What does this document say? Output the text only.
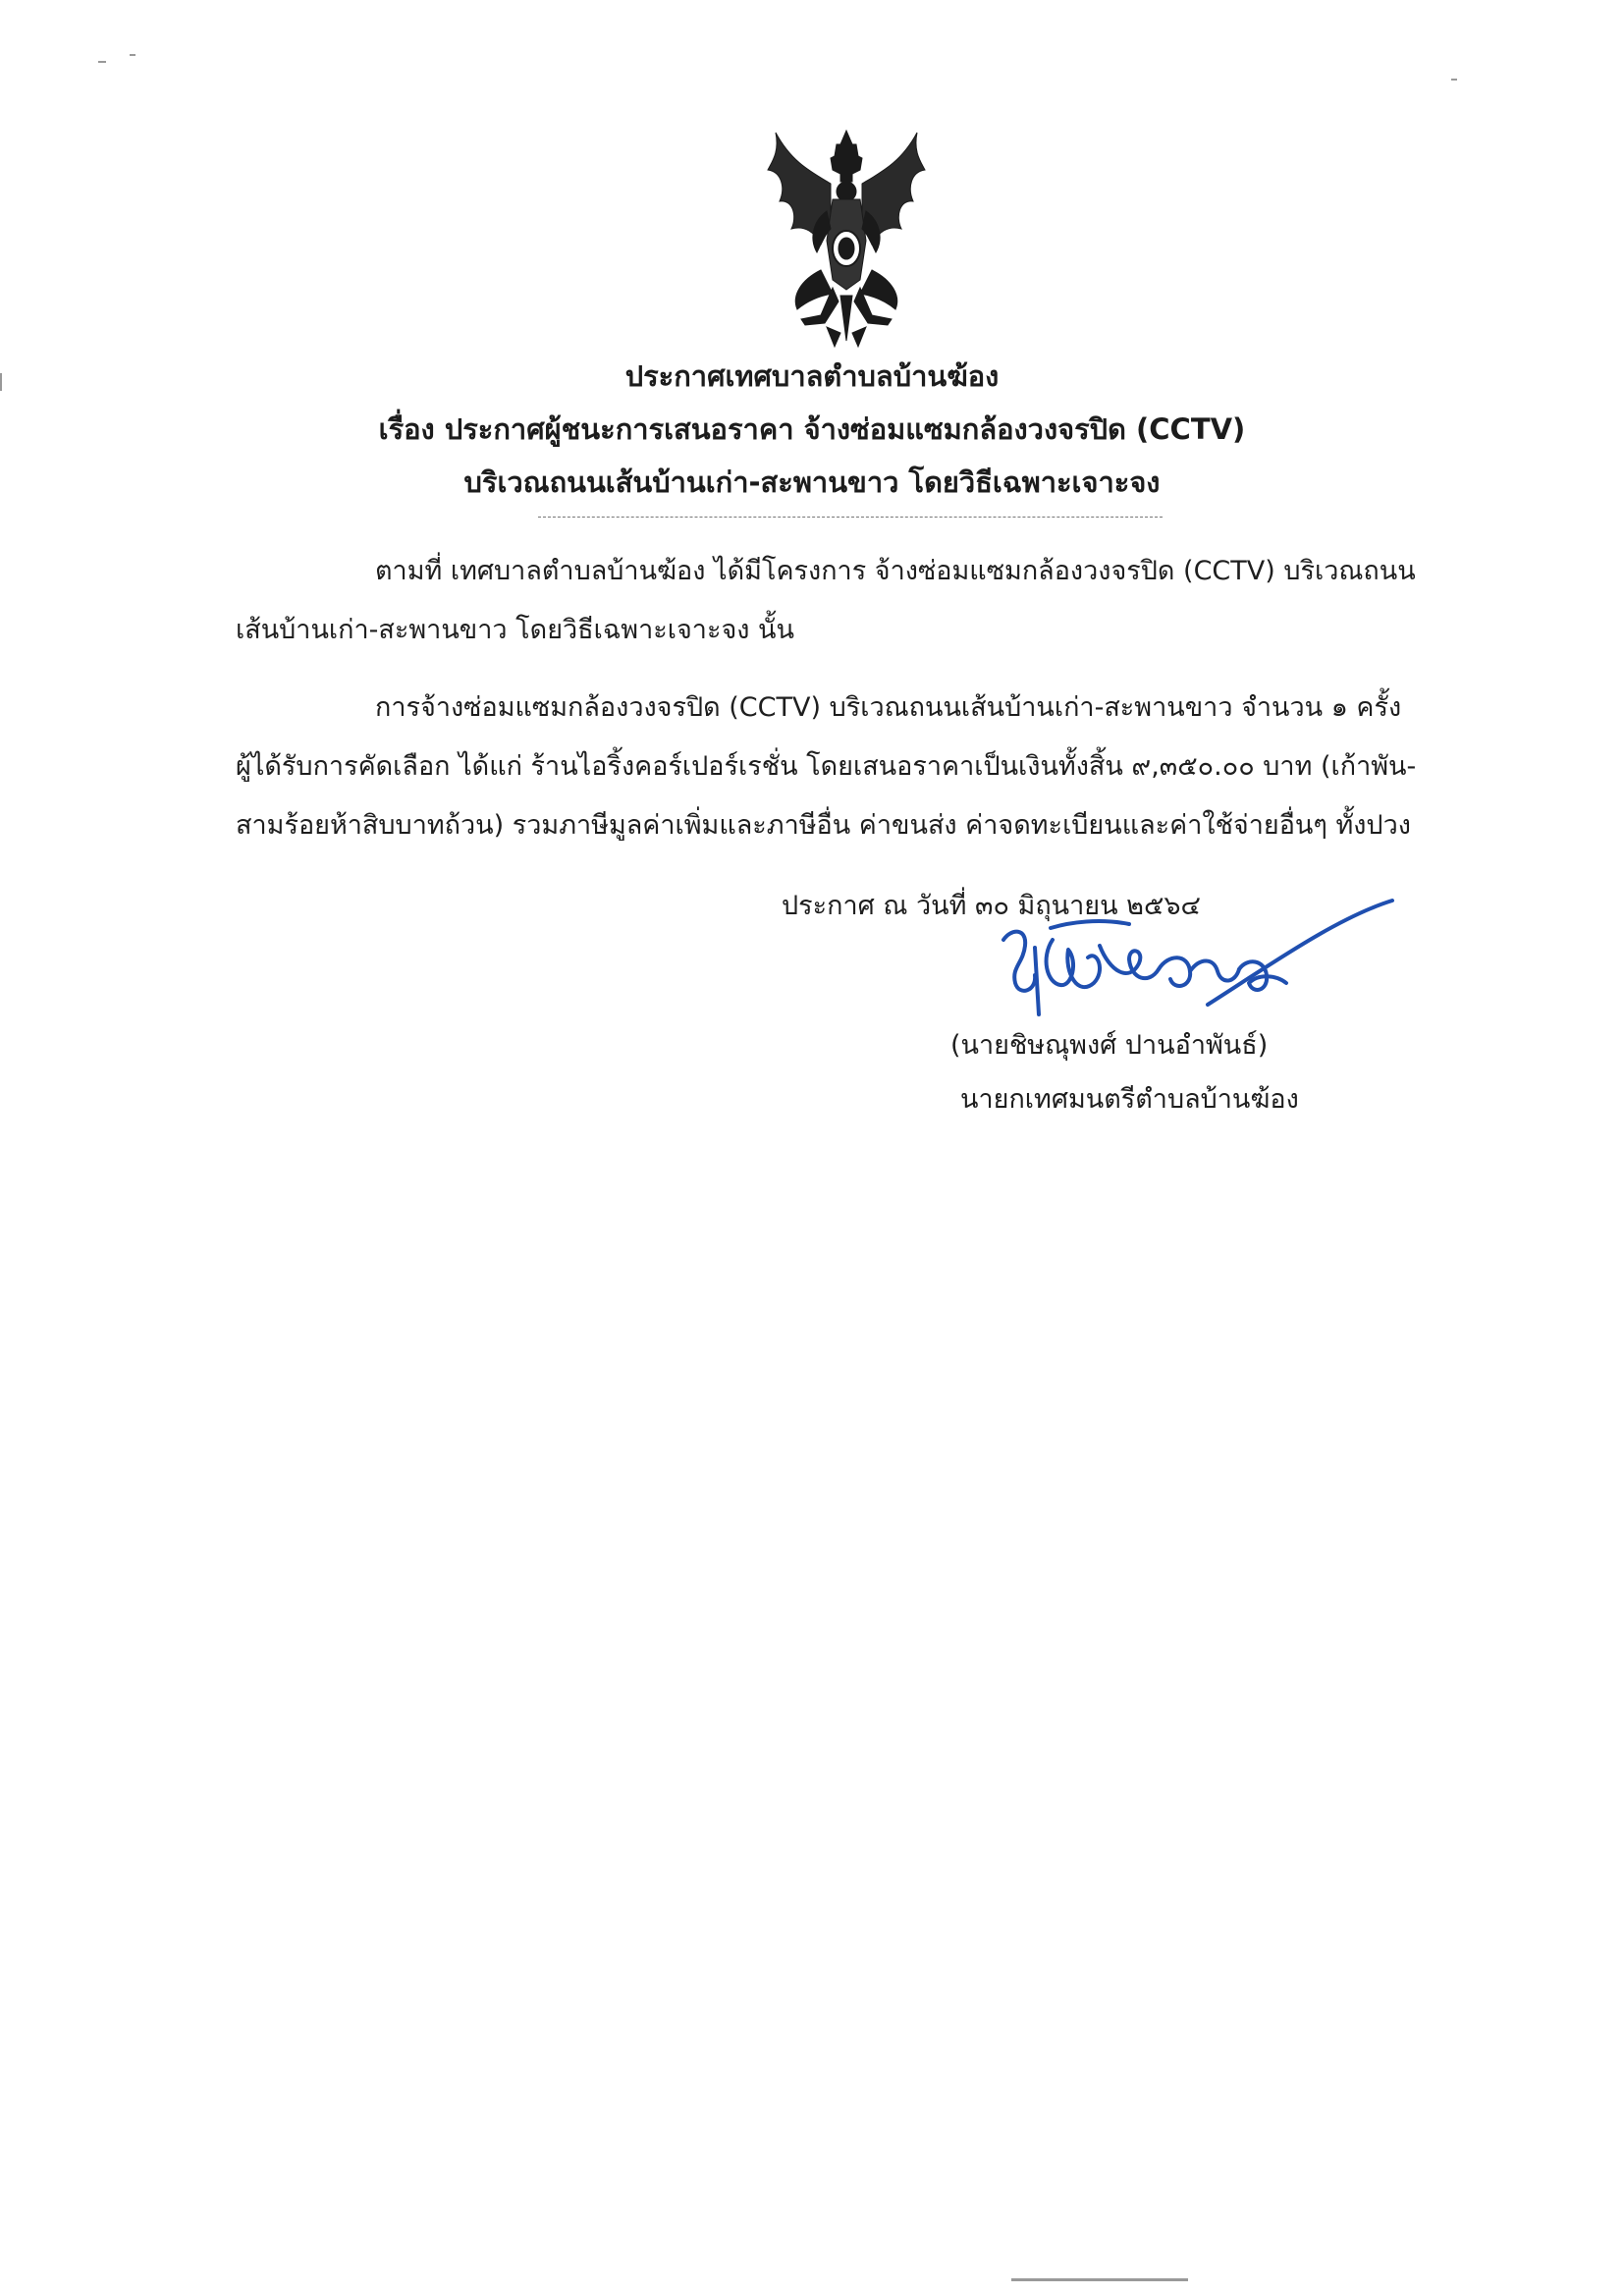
ประกาศเทศบาลตำบลบ้านฆ้อง
เรื่อง ประกาศผู้ชนะการเสนอราคา จ้างซ่อมแซมกล้องวงจรปิด (CCTV)
บริเวณถนนเส้นบ้านเก่า-สะพานขาว โดยวิธีเฉพาะเจาะจง
ตามที่ เทศบาลตำบลบ้านฆ้อง ได้มีโครงการ จ้างซ่อมแซมกล้องวงจรปิด (CCTV) บริเวณถนน
เส้นบ้านเก่า-สะพานขาว โดยวิธีเฉพาะเจาะจง นั้น
การจ้างซ่อมแซมกล้องวงจรปิด (CCTV) บริเวณถนนเส้นบ้านเก่า-สะพานขาว จำนวน ๑ ครั้ง
ผู้ได้รับการคัดเลือก ได้แก่ ร้านไอริ้งคอร์เปอร์เรชั่น โดยเสนอราคาเป็นเงินทั้งสิ้น ๙,๓๕๐.๐๐ บาท (เก้าพัน-
สามร้อยห้าสิบบาทถ้วน) รวมภาษีมูลค่าเพิ่มและภาษีอื่น ค่าขนส่ง ค่าจดทะเบียนและค่าใช้จ่ายอื่นๆ ทั้งปวง
ประกาศ ณ วันที่ ๓๐ มิถุนายน ๒๕๖๔
(นายชิษณุพงศ์ ปานอำพันธ์)
นายกเทศมนตรีตำบลบ้านฆ้อง
